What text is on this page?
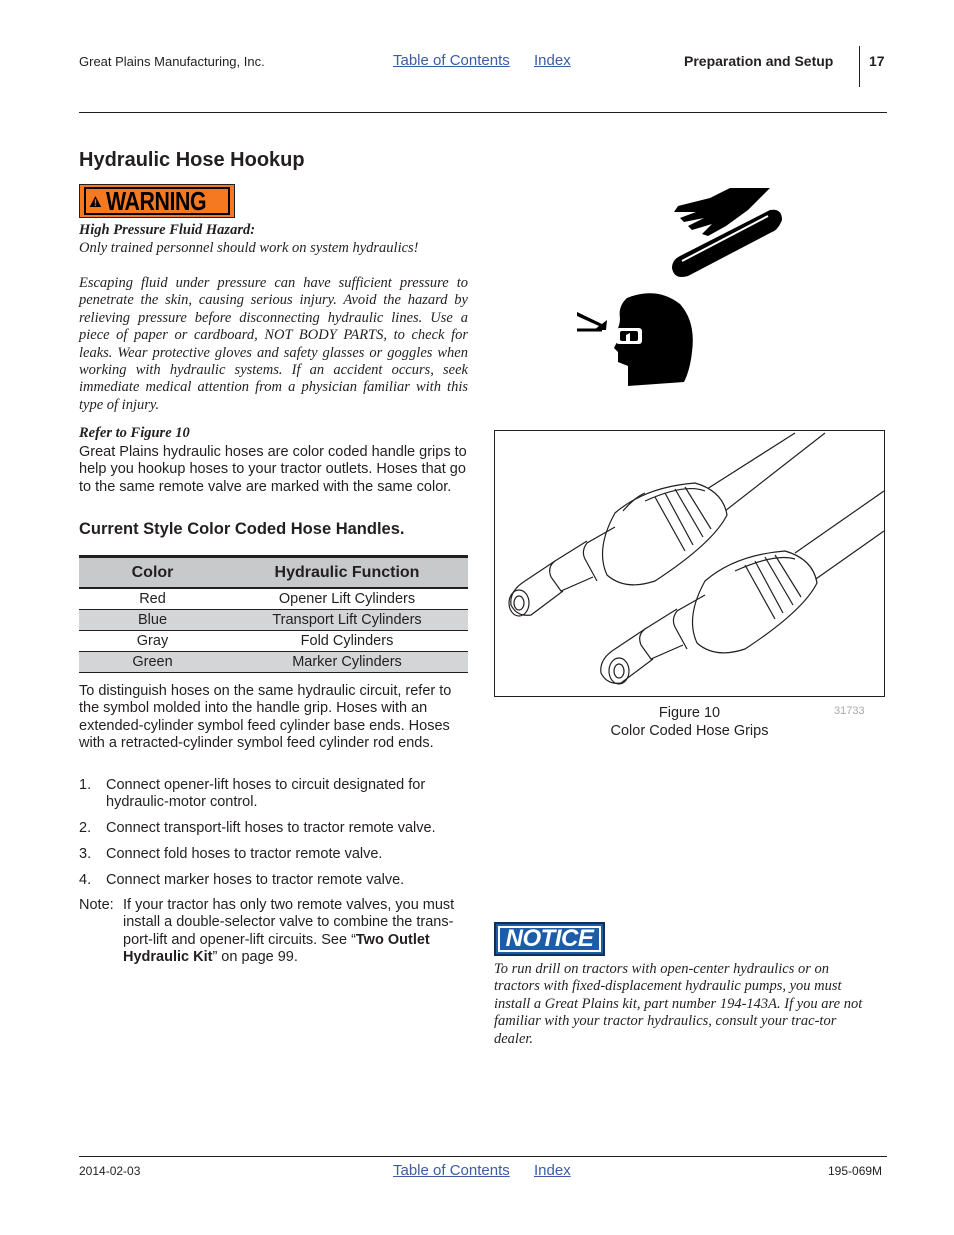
Great Plains Manufacturing, Inc.	Table of Contents Index	Preparation and Setup	17
Hydraulic Hose Hookup
WARNING
High Pressure Fluid Hazard:
Only trained personnel should work on system hydraulics!
Escaping fluid under pressure can have sufficient pressure to penetrate the skin, causing serious injury. Avoid the hazard by relieving pressure before disconnecting hydraulic lines. Use a piece of paper or cardboard, NOT BODY PARTS, to check for leaks. Wear protective gloves and safety glasses or goggles when working with hydraulic systems. If an accident occurs, seek immediate medical attention from a physician familiar with this type of injury.
Refer to Figure 10
Great Plains hydraulic hoses are color coded handle grips to help you hookup hoses to your tractor outlets. Hoses that go to the same remote valve are marked with the same color.
Current Style Color Coded Hose Handles.
Color	Hydraulic Function
Red	Opener Lift Cylinders
Blue	Transport Lift Cylinders
Gray	Fold Cylinders
Green	Marker Cylinders
To distinguish hoses on the same hydraulic circuit, refer to the symbol molded into the handle grip. Hoses with an extended-cylinder symbol feed cylinder base ends. Hoses with a retracted-cylinder symbol feed cylinder rod ends.
1. Connect opener-lift hoses to circuit designated for hydraulic-motor control.
2. Connect transport-lift hoses to tractor remote valve.
3. Connect fold hoses to tractor remote valve.
4. Connect marker hoses to tractor remote valve.
Note: If your tractor has only two remote valves, you must install a double-selector valve to combine the trans-port-lift and opener-lift circuits. See “Two Outlet Hydraulic Kit” on page 99.
Figure 10
Color Coded Hose Grips
31733
NOTICE
To run drill on tractors with open-center hydraulics or on tractors with fixed-displacement hydraulic pumps, you must install a Great Plains kit, part number 194-143A. If you are not familiar with your tractor hydraulics, consult your trac-tor dealer.
2014-02-03	Table of Contents Index	195-069M
